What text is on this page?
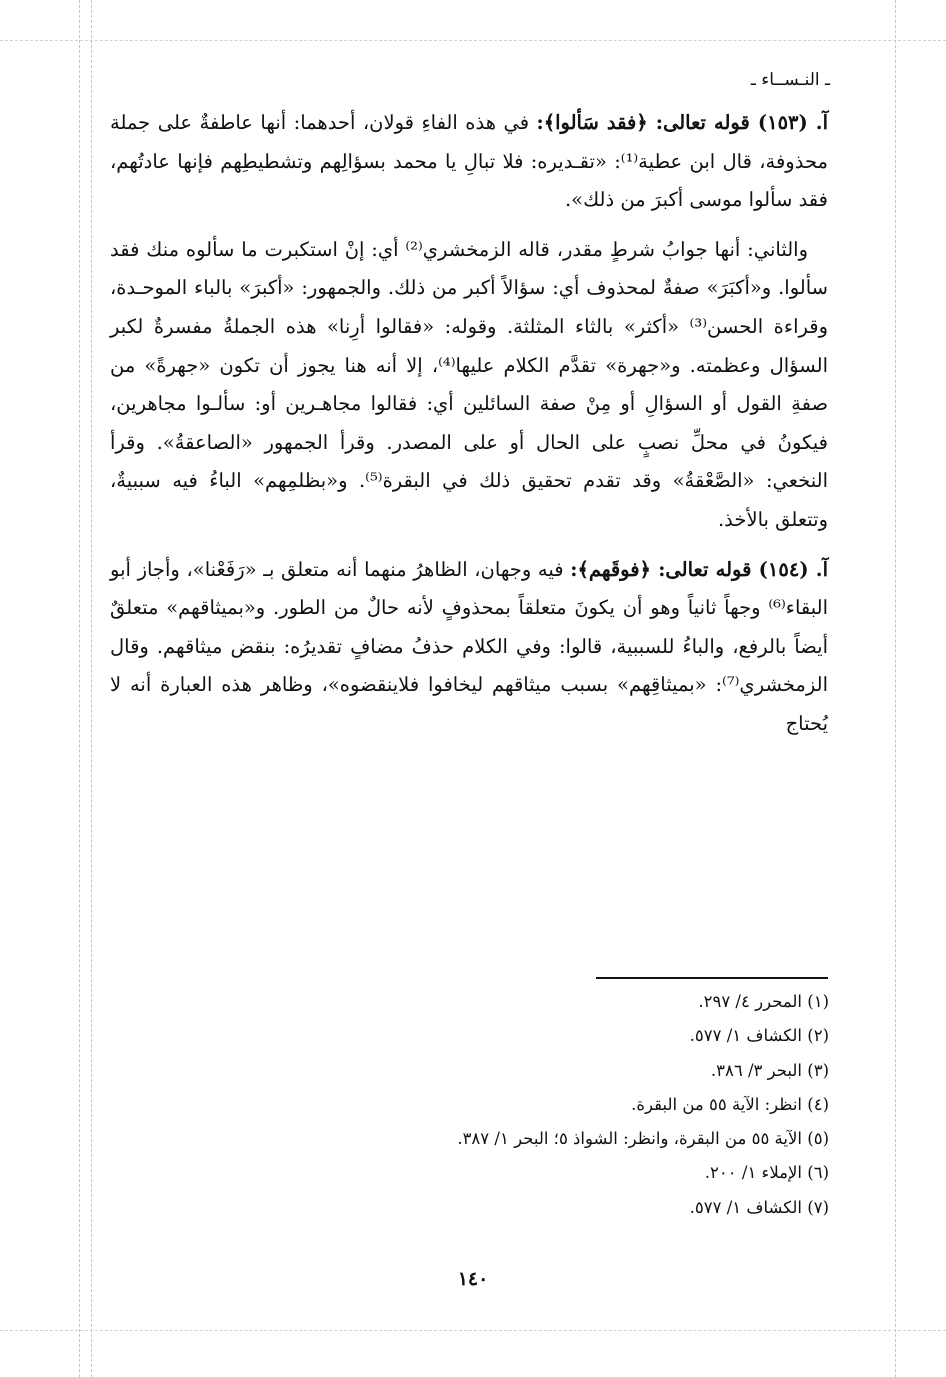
ـ النـســاء ـ

آ. (١٥٣) قوله تعالى: ﴿فقد سَألوا﴾: في هذه الفاءِ قولان، أحدهما: أنها عاطفةٌ على جملة محذوفة، قال ابن عطية⁽¹⁾: «تقـديره: فلا تبالِ يا محمد بسؤالِهم وتشطيطِهم فإنها عادتُهم، فقد سألوا موسى أكبرَ من ذلك».

والثاني: أنها جوابُ شرطٍ مقدر، قاله الزمخشري⁽²⁾ أي: إنْ استكبرت ما سألوه منك فقد سألوا. و«أكبَرَ» صفةٌ لمحذوف أي: سؤالاً أكبر من ذلك. والجمهور: «أكبرَ» بالباء الموحـدة، وقراءة الحسن⁽³⁾ «أكثر» بالثاء المثلثة. وقوله: «فقالوا أرِنا» هذه الجملةُ مفسرةٌ لكبر السؤال وعظمته. و«جهرة» تقدَّم الكلام عليها⁽⁴⁾، إلا أنه هنا يجوز أن تكون «جهرةً» من صفةِ القول أو السؤالِ أو مِنْ صفة السائلين أي: فقالوا مجاهـرين أو: سألـوا مجاهرين، فيكونُ في محلِّ نصبٍ على الحال أو على المصدر. وقرأ الجمهور «الصاعقةُ». وقرأ النخعي: «الصَّعْقةُ» وقد تقدم تحقيق ذلك في البقرة⁽⁵⁾. و«بظلمِهم» الباءُ فيه سببيةٌ، وتتعلق بالأخذ.

آ. (١٥٤) قوله تعالى: ﴿فوقَهم﴾: فيه وجهان، الظاهرُ منهما أنه متعلق بـ «رَفَعْنا»، وأجاز أبو البقاء⁽⁶⁾ وجهاً ثانياً وهو أن يكونَ متعلقاً بمحذوفٍ لأنه حالٌ من الطور. و«بميثاقهم» متعلقٌ أيضاً بالرفع، والباءُ للسببية، قالوا: وفي الكلام حذفُ مضافٍ تقديرُه: بنقض ميثاقهم. وقال الزمخشري⁽⁷⁾: «بميثاقِهم» بسبب ميثاقهم ليخافوا فلاينقضوه»، وظاهر هذه العبارة أنه لا يُحتاج

(١) المحرر ٤/ ٢٩٧.
(٢) الكشاف ١/ ٥٧٧.
(٣) البحر ٣/ ٣٨٦.
(٤) انظر: الآية ٥٥ من البقرة.
(٥) الآية ٥٥ من البقرة، وانظر: الشواذ ٥؛ البحر ١/ ٣٨٧.
(٦) الإملاء ١/ ٢٠٠.
(٧) الكشاف ١/ ٥٧٧.
١٤٠
